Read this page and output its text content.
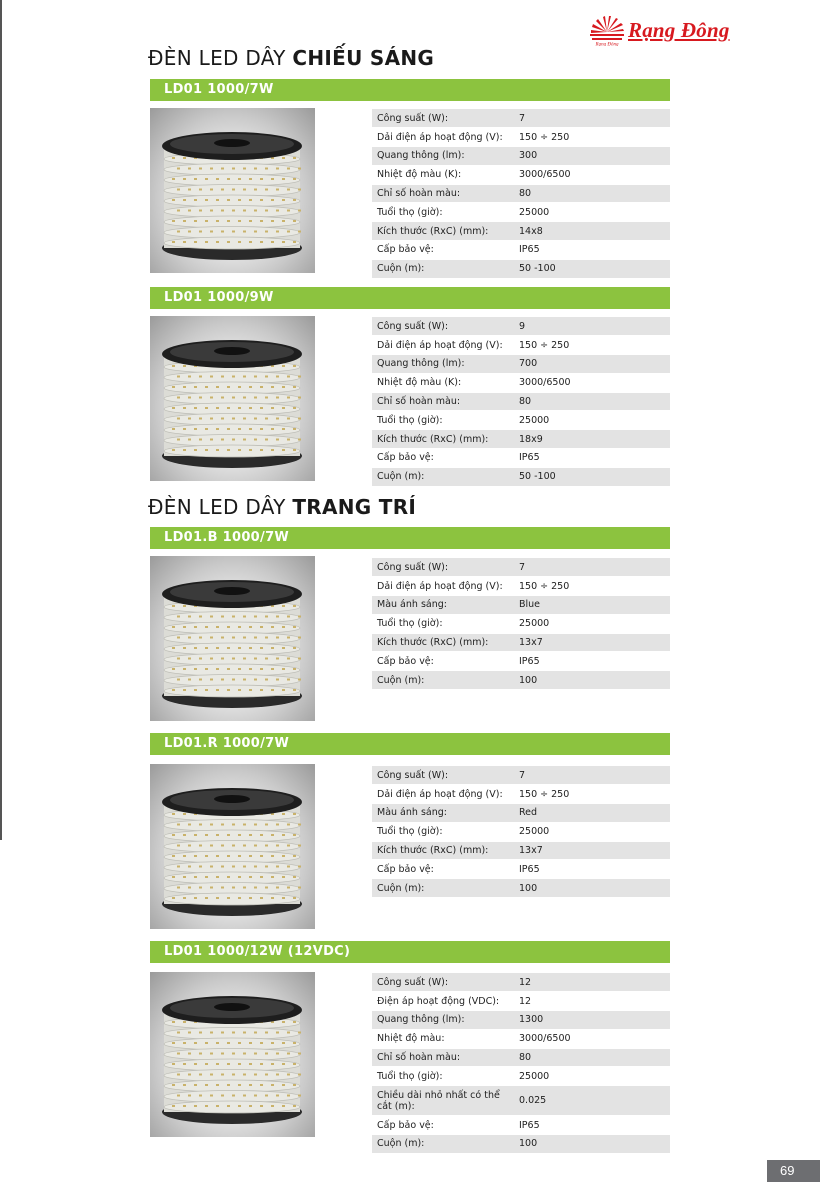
Rạng Đông
Rạng Đông
ĐÈN LED DÂY CHIẾU SÁNG
LD01 1000/7W
Công suất (W):	7
Dải điện áp hoạt động (V):	150 ÷ 250
Quang thông (lm):	300
Nhiệt độ màu (K):	3000/6500
Chỉ số hoàn màu:	80
Tuổi thọ (giờ):	25000
Kích thước (RxC) (mm):	14x8
Cấp bảo vệ:	IP65
Cuộn (m):	50 -100
LD01 1000/9W
Công suất (W):	9
Dải điện áp hoạt động (V):	150 ÷ 250
Quang thông (lm):	700
Nhiệt độ màu (K):	3000/6500
Chỉ số hoàn màu:	80
Tuổi thọ (giờ):	25000
Kích thước (RxC) (mm):	18x9
Cấp bảo vệ:	IP65
Cuộn (m):	50 -100
ĐÈN LED DÂY TRANG TRÍ
LD01.B 1000/7W
Công suất (W):	7
Dải điện áp hoạt động (V):	150 ÷ 250
Màu ánh sáng:	Blue
Tuổi thọ (giờ):	25000
Kích thước (RxC) (mm):	13x7
Cấp bảo vệ:	IP65
Cuộn (m):	100
LD01.R 1000/7W
Công suất (W):	7
Dải điện áp hoạt động (V):	150 ÷ 250
Màu ánh sáng:	Red
Tuổi thọ (giờ):	25000
Kích thước (RxC) (mm):	13x7
Cấp bảo vệ:	IP65
Cuộn (m):	100
LD01 1000/12W (12VDC)
Công suất (W):	12
Điện áp hoạt động (VDC):	12
Quang thông (lm):	1300
Nhiệt độ màu:	3000/6500
Chỉ số hoàn màu:	80
Tuổi thọ (giờ):	25000
Chiều dài nhỏ nhất có thể cắt (m):	0.025
Cấp bảo vệ:	IP65
Cuộn (m):	100
69
